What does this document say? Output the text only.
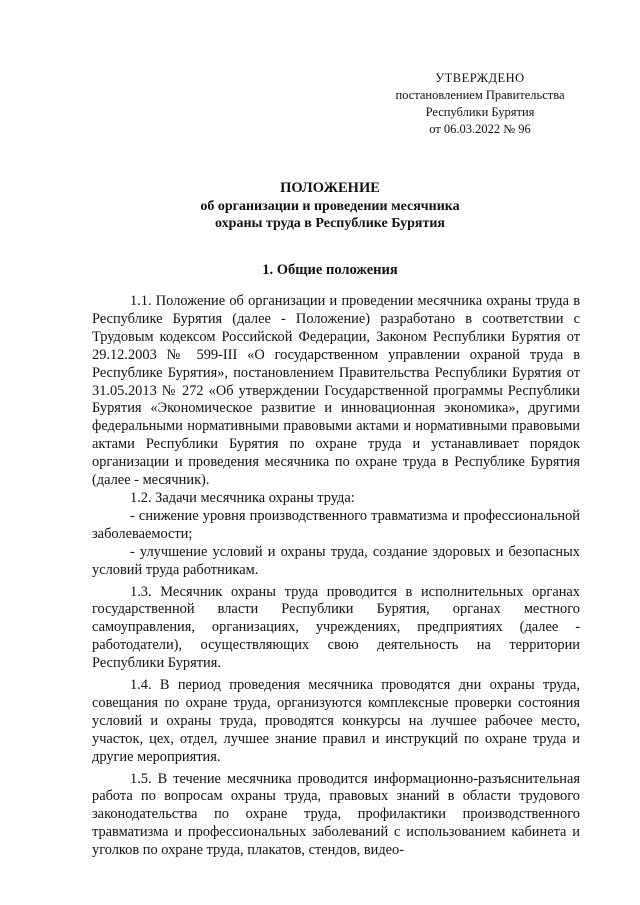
УТВЕРЖДЕНО
постановлением Правительства
Республики Бурятия
от 06.03.2022 № 96
ПОЛОЖЕНИЕ
об организации и проведении месячника
охраны труда в Республике Бурятия
1. Общие положения

1.1. Положение об организации и проведении месячника охраны труда в Республике Бурятия (далее - Положение) разработано в соответствии с Трудовым кодексом Российской Федерации, Законом Республики Бурятия от 29.12.2003 № 599-III «О государственном управлении охраной труда в Республике Бурятия», постановлением Правительства Республики Бурятия от 31.05.2013 № 272 «Об утверждении Государственной программы Республики Бурятия «Экономическое развитие и инновационная экономика», другими федеральными нормативными правовыми актами и нормативными правовыми актами Республики Бурятия по охране труда и устанавливает порядок организации и проведения месячника по охране труда в Республике Бурятия (далее - месячник).

1.2. Задачи месячника охраны труда:

- снижение уровня производственного травматизма и профессиональной заболеваемости;

- улучшение условий и охраны труда, создание здоровых и безопасных условий труда работникам.

1.3. Месячник охраны труда проводится в исполнительных органах государственной власти Республики Бурятия, органах местного самоуправления, организациях, учреждениях, предприятиях (далее - работодатели), осуществляющих свою деятельность на территории Республики Бурятия.

1.4. В период проведения месячника проводятся дни охраны труда, совещания по охране труда, организуются комплексные проверки состояния условий и охраны труда, проводятся конкурсы на лучшее рабочее место, участок, цех, отдел, лучшее знание правил и инструкций по охране труда и другие мероприятия.

1.5. В течение месячника проводится информационно-разъяснительная работа по вопросам охраны труда, правовых знаний в области трудового законодательства по охране труда, профилактики производственного травматизма и профессиональных заболеваний с использованием кабинета и уголков по охране труда, плакатов, стендов, видео-
